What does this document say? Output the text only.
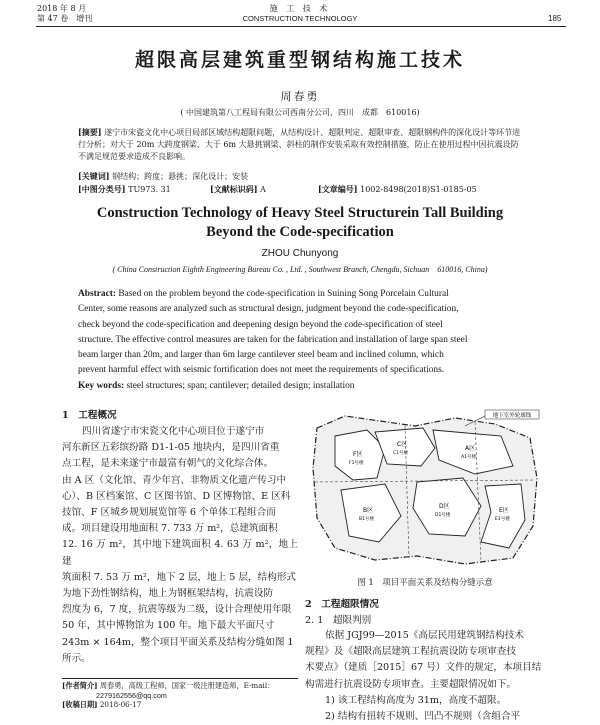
2018 年 8 月
第 47 卷　增刊
施 工 技 术
CONSTRUCTION TECHNOLOGY	185
超限高层建筑重型钢结构施工技术
周春勇
( 中国建筑第八工程局有限公司西南分公司，四川　成都　610016)
[摘要] 遂宁市宋瓷文化中心项目局部区域结构超限问题，从结构设计、超限判定、超限审查、超限钢构件的深化设计等环节进行分析；对大于 20m 大跨度钢梁、大于 6m 大悬挑钢梁、斜柱的制作安装采取有效控制措施，防止在使用过程中因抗震设防不满足规范要求造成不良影响。
[关键词] 钢结构；跨度；悬挑；深化设计；安装
[中图分类号] TU973. 31	[文献标识码] A	[文章编号] 1002-8498(2018)S1-0185-05
Construction Technology of Heavy Steel Structurein Tall Building
Beyond the Code-specification
ZHOU Chunyong
( China Construction Eighth Engineering Bureau Co. , Ltd. , Southwest Branch, Chengdu, Sichuan　610016, China)
Abstract: Based on the problem beyond the code-specification in Suining Song Porcelain Cultural
Center, some reasons are analyzed such as structural design, judgment beyond the code-specification,
check beyond the code-specification and deepening design beyond the code-specification of steel
structure. The effective control measures are taken for the fabrication and installation of large span steel
beam larger than 20m, and larger than 6m large cantilever steel beam and inclined column, which
prevent harmful effect with seismic fortification does not meet the requirements of specifications.
Key words: steel structures; span; cantilever; detailed design; installation
1　工程概况
四川省遂宁市宋瓷文化中心项目位于遂宁市
河东新区五彩缤纷路 D1-1-05 地块内，是四川省重
点工程，是未来遂宁市最富有朝气的文化综合体。
由 A 区（文化馆、青少年宫、非物质文化遗产传习中
心）、B 区档案馆、C 区图书馆、D 区博物馆、E 区科
技馆、F 区城乡规划展览馆等 6 个单体工程组合而
成。项目建设用地面积 7. 733 万 m²，总建筑面积
12. 16 万 m²，其中地下建筑面积 4. 63 万 m²，地上建
筑面积 7. 53 万 m²，地下 2 层，地上 5 层，结构形式
为地下劲性钢结构，地上为钢框架结构，抗震设防
烈度为 6，7 度，抗震等级为二级，设计合理使用年限
50 年，其中博物馆为 100 年。地下最大平面尺寸
243m × 164m，整个项目平面关系及结构分缝如图 1
所示。
[作者简介] 周春勇，高级工程师，国家一级注册建造师，E-mail：
2279162556@qq.com
[收稿日期] 2018-06-17
地下室外轮廓线
F区
F1号楼
C区
C1号楼
A区
A1号楼
B区
B1号楼
D区
D1号楼
E区
E1号楼
图 1　项目平面关系及结构分缝示意
2　工程超限情况
2. 1　超限判别
依据 JGJ99—2015《高层民用建筑钢结构技术
规程》及《超限高层建筑工程抗震设防专项审查技
术要点》（建质［2015］67 号）文件的规定，本项目结
构需进行抗震设防专项审查。主要超限情况如下。
1) 该工程结构高度为 31m，高度不超限。
2) 结构有扭转不规则、凹凸不规则（含组合平
